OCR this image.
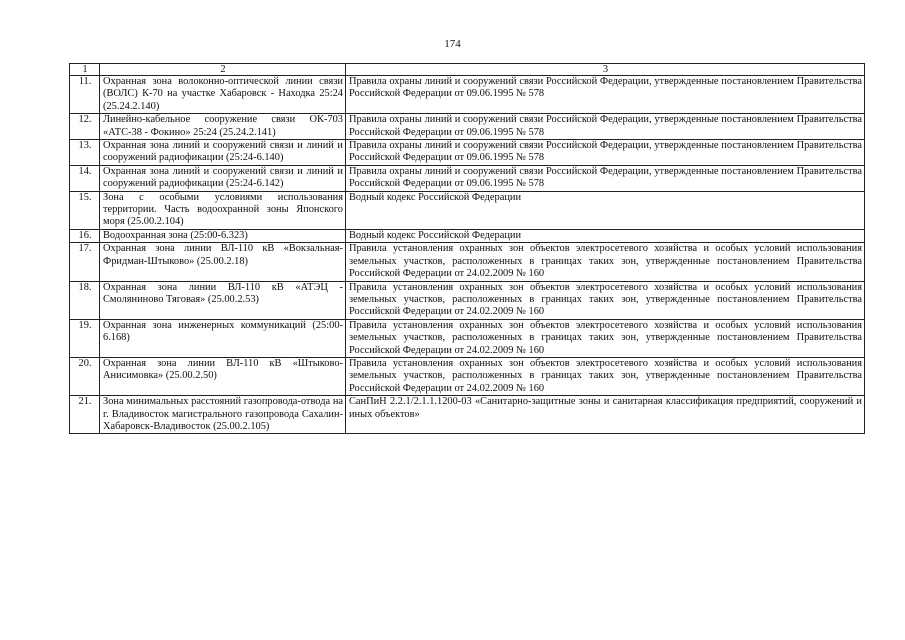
174
1	2	3
11.	Охранная зона волоконно-оптической линии связи (ВОЛС) К-70 на участке Хабаровск - Находка 25:24 (25.24.2.140)	Правила охраны линий и сооружений связи Российской Федерации, утвержденные постановлением Правительства Российской Федерации от 09.06.1995 № 578
12.	Линейно-кабельное сооружение связи ОК-703 «АТС-38 - Фокино» 25:24 (25.24.2.141)	Правила охраны линий и сооружений связи Российской Федерации, утвержденные постановлением Правительства Российской Федерации от 09.06.1995 № 578
13.	Охранная зона линий и сооружений связи и линий и сооружений радиофикации (25:24-6.140)	Правила охраны линий и сооружений связи Российской Федерации, утвержденные постановлением Правительства Российской Федерации от 09.06.1995 № 578
14.	Охранная зона линий и сооружений связи и линий и сооружений радиофикации (25:24-6.142)	Правила охраны линий и сооружений связи Российской Федерации, утвержденные постановлением Правительства Российской Федерации от 09.06.1995 № 578
15.	Зона с особыми условиями использования территории. Часть водоохранной зоны Японского моря (25.00.2.104)	Водный кодекс Российской Федерации
16.	Водоохранная зона (25:00-6.323)	Водный кодекс Российской Федерации
17.	Охранная зона линии ВЛ-110 кВ «Вокзальная-Фридман-Штыково» (25.00.2.18)	Правила установления охранных зон объектов электросетевого хозяйства и особых условий использования земельных участков, расположенных в границах таких зон, утвержденные постановлением Правительства Российской Федерации от 24.02.2009 № 160
18.	Охранная зона линии ВЛ-110 кВ «АТЭЦ - Смолянинoво Тяговая» (25.00.2.53)	Правила установления охранных зон объектов электросетевого хозяйства и особых условий использования земельных участков, расположенных в границах таких зон, утвержденные постановлением Правительства Российской Федерации от 24.02.2009 № 160
19.	Охранная зона инженерных коммуникаций (25:00-6.168)	Правила установления охранных зон объектов электросетевого хозяйства и особых условий использования земельных участков, расположенных в границах таких зон, утвержденные постановлением Правительства Российской Федерации от 24.02.2009 № 160
20.	Охранная зона линии ВЛ-110 кВ «Штыково-Анисимовка» (25.00.2.50)	Правила установления охранных зон объектов электросетевого хозяйства и особых условий использования земельных участков, расположенных в границах таких зон, утвержденные постановлением Правительства Российской Федерации от 24.02.2009 № 160
21.	Зона минимальных расстояний газопровода-отвода на г. Владивосток магистрального газопровода Сахалин-Хабаровск-Владивосток (25.00.2.105)	СанПиН 2.2.1/2.1.1.1200-03 «Санитарно-защитные зоны и санитарная классификация предприятий, сооружений и иных объектов»
